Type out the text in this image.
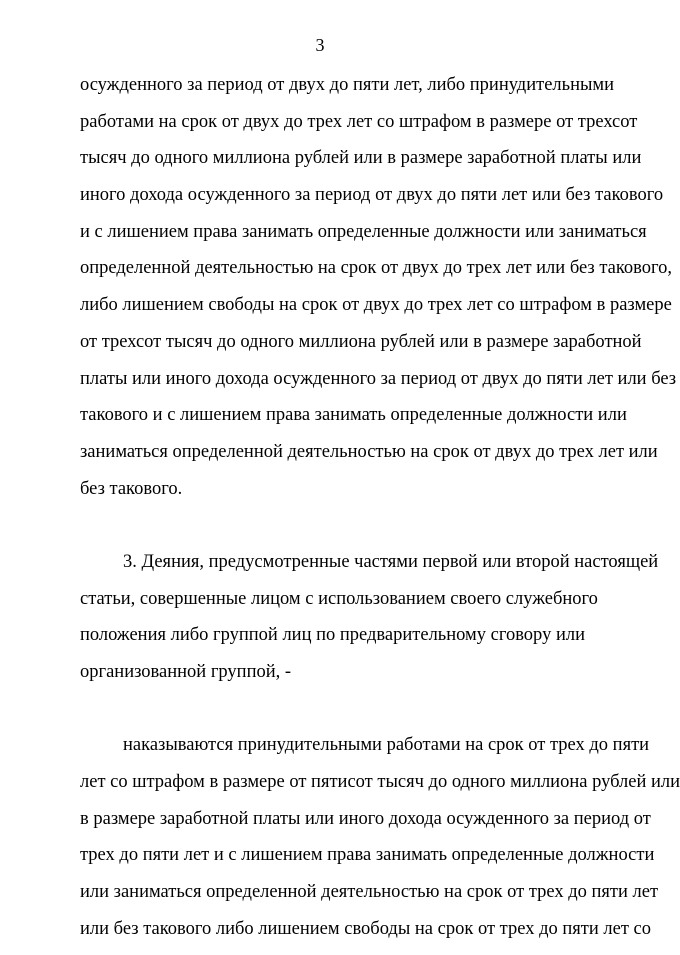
3
осужденного за период от двух до пяти лет, либо принудительными
работами на срок от двух до трех лет со штрафом в размере от трехсот
тысяч до одного миллиона рублей или в размере заработной платы или
иного дохода осужденного за период от двух до пяти лет или без такового
и с лишением права занимать определенные должности или заниматься
определенной деятельностью на срок от двух до трех лет или без такового,
либо лишением свободы на срок от двух до трех лет со штрафом в размере
от трехсот тысяч до одного миллиона рублей или в размере заработной
платы или иного дохода осужденного за период от двух до пяти лет или без
такового и с лишением права занимать определенные должности или
заниматься определенной деятельностью на срок от двух до трех лет или
без такового.
3. Деяния, предусмотренные частями первой или второй настоящей
статьи, совершенные лицом с использованием своего служебного
положения либо группой лиц по предварительному сговору или
организованной группой, -
наказываются принудительными работами на срок от трех до пяти
лет со штрафом в размере от пятисот тысяч до одного миллиона рублей или
в размере заработной платы или иного дохода осужденного за период от
трех до пяти лет и с лишением права занимать определенные должности
или заниматься определенной деятельностью на срок от трех до пяти лет
или без такового либо лишением свободы на срок от трех до пяти лет со
